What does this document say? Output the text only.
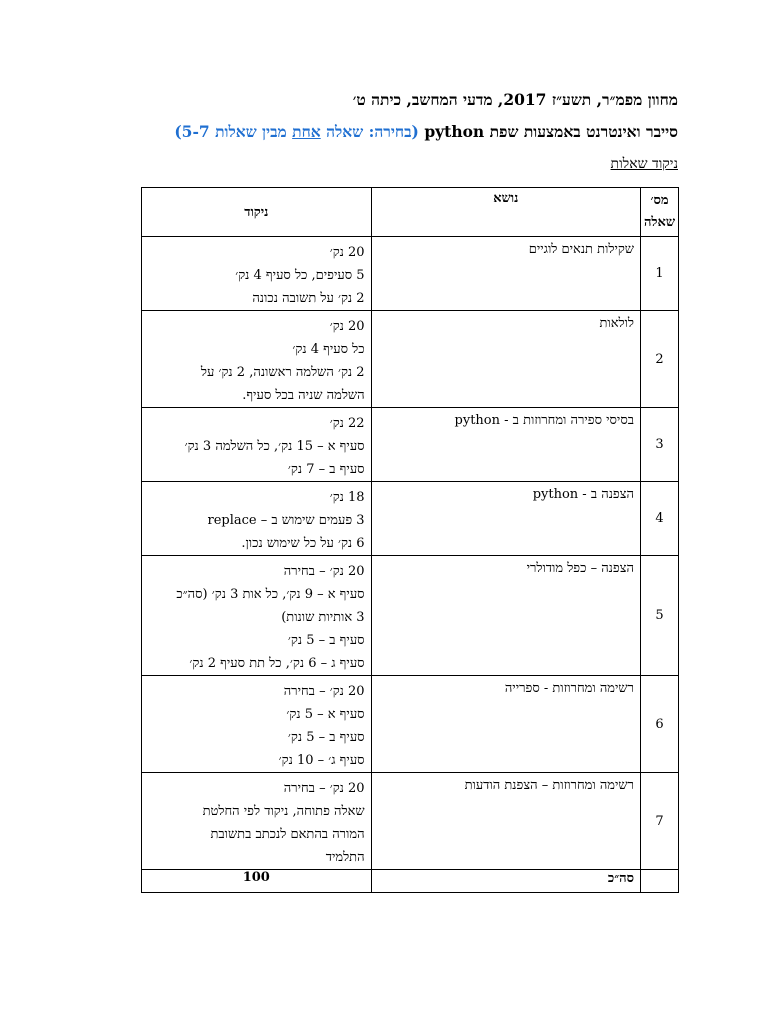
מחוון מפמ״ר, תשע״ז 2017, מדעי המחשב, כיתה ט׳
סייבר ואינטרנט באמצעות שפת python (בחירה: שאלה אחת מבין שאלות 5-7)
ניקוד שאלות
מס׳
שאלה	נושא	ניקוד
1	שקילות תנאים לוגיים	20 נק׳
5 סעיפים, כל סעיף 4 נק׳
2 נק׳ על תשובה נכונה

2	לולאות	20 נק׳
כל סעיף 4 נק׳
2 נק׳ השלמה ראשונה, 2 נק׳ על
השלמה שניה בכל סעיף.

3	בסיסי ספירה ומחרוזות ב - python	22 נק׳
סעיף א – 15 נק׳, כל השלמה 3 נק׳
סעיף ב – 7 נק׳

4	הצפנה ב - python	18 נק׳
3 פעמים שימוש ב – replace
6 נק׳ על כל שימוש נכון.

5	הצפנה – כפל מודולרי	20 נק׳ – בחירה
סעיף א – 9 נק׳, כל אות 3 נק׳ (סה״כ
3 אותיות שונות)
סעיף ב – 5 נק׳
סעיף ג – 6 נק׳, כל תת סעיף 2 נק׳

6	רשימה ומחרוזות - ספרייה	20 נק׳ – בחירה
סעיף א – 5 נק׳
סעיף ב – 5 נק׳
סעיף ג׳ – 10 נק׳

7	רשימה ומחרוזות – הצפנת הודעות	20 נק׳ – בחירה
שאלה פתוחה, ניקוד לפי החלטת
המורה בהתאם לנכתב בתשובת
התלמיד

	סה״כ	100
